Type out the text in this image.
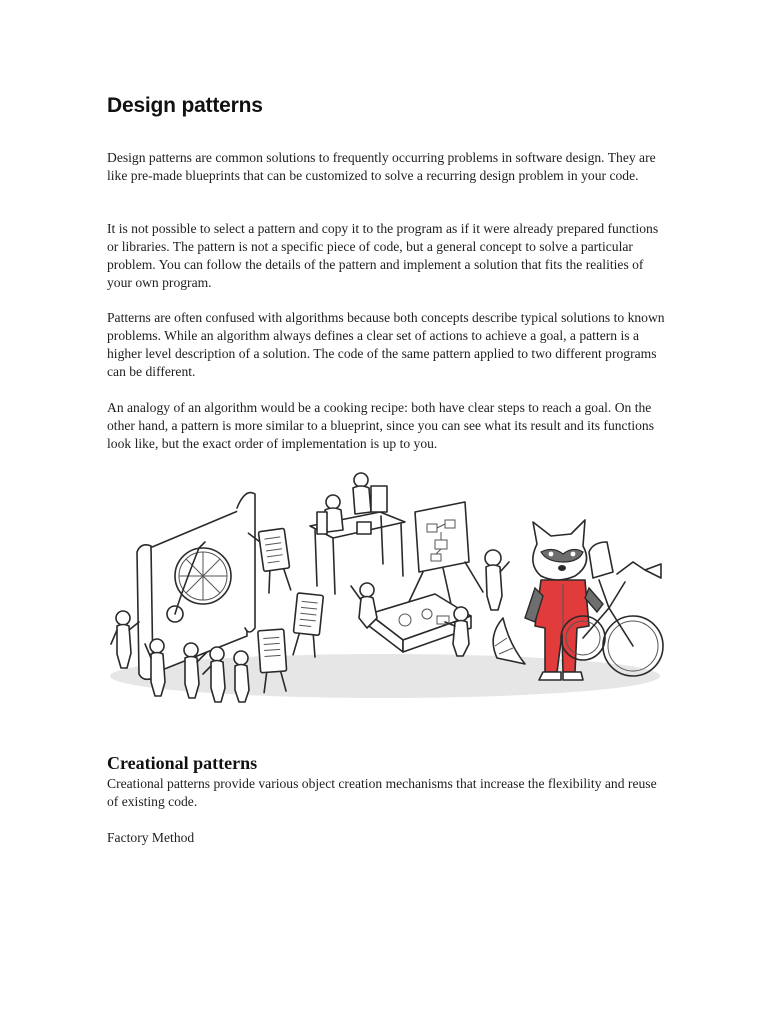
Design patterns

Design patterns are common solutions to frequently occurring problems in software design. They are like pre-made blueprints that can be customized to solve a recurring design problem in your code.

It is not possible to select a pattern and copy it to the program as if it were already prepared functions or libraries. The pattern is not a specific piece of code, but a general concept to solve a particular problem. You can follow the details of the pattern and implement a solution that fits the realities of your own program.

Patterns are often confused with algorithms because both concepts describe typical solutions to known problems. While an algorithm always defines a clear set of actions to achieve a goal, a pattern is a higher level description of a solution. The code of the same pattern applied to two different programs can be different.

An analogy of an algorithm would be a cooking recipe: both have clear steps to reach a goal. On the other hand, a pattern is more similar to a blueprint, since you can see what its result and its functions look like, but the exact order of implementation is up to you.

Creational patterns

Creational patterns provide various object creation mechanisms that increase the flexibility and reuse of existing code.

Factory Method
